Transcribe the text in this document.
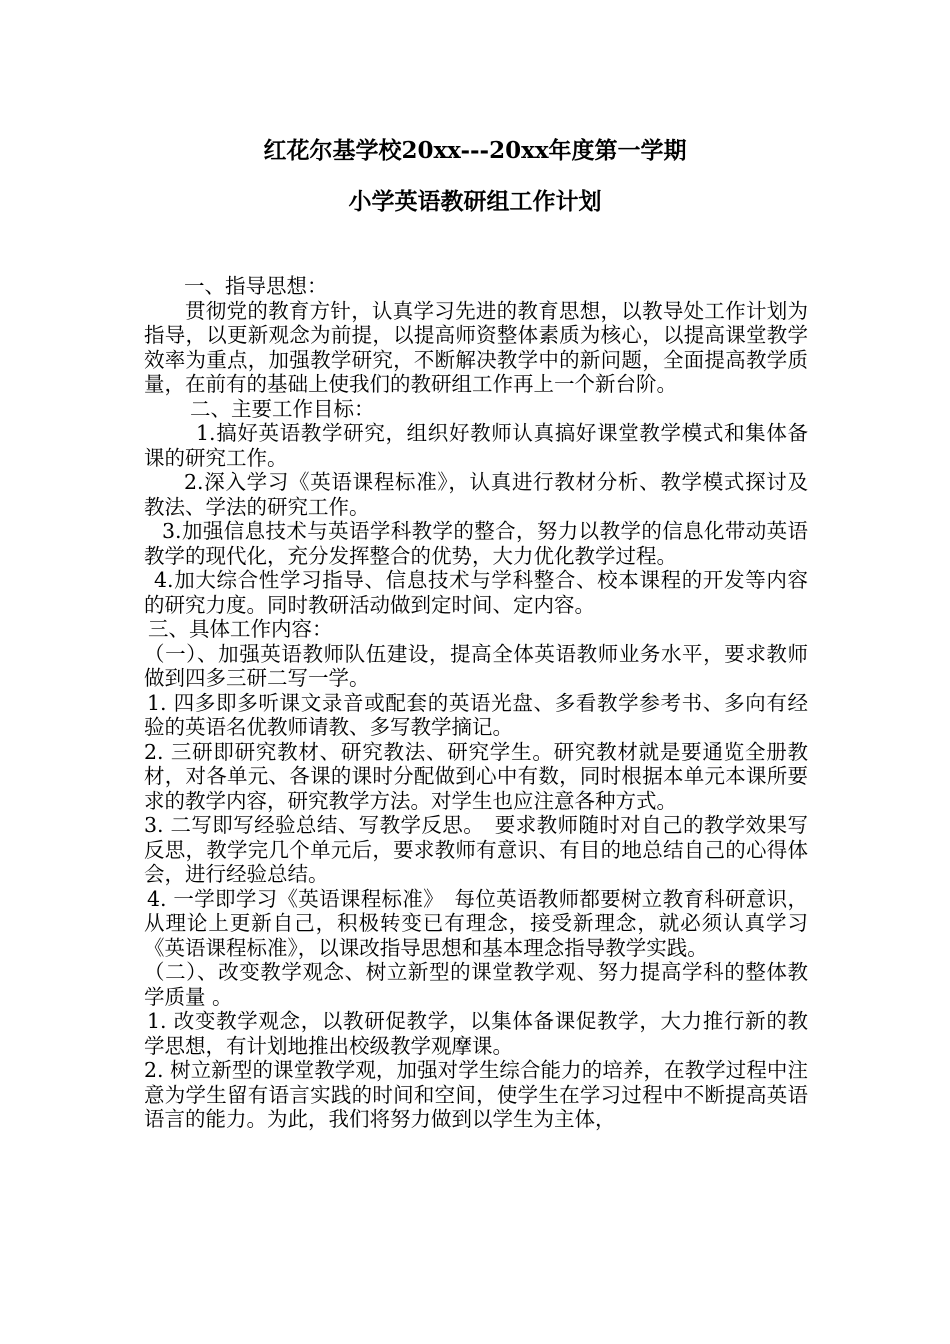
红花尔基学校20xx---20xx年度第一学期
小学英语教研组工作计划

一、指导思想：

贯彻党的教育方针，认真学习先进的教育思想，以教导处工作计划为指导，以更新观念为前提，以提高师资整体素质为核心，以提高课堂教学效率为重点，加强教学研究，不断解决教学中的新问题，全面提高教学质量，在前有的基础上使我们的教研组工作再上一个新台阶。

二、主要工作目标：

1.搞好英语教学研究，组织好教师认真搞好课堂教学模式和集体备课的研究工作。

2.深入学习《英语课程标准》，认真进行教材分析、教学模式探讨及教法、学法的研究工作。

3.加强信息技术与英语学科教学的整合，努力以教学的信息化带动英语教学的现代化，充分发挥整合的优势，大力优化教学过程。

4.加大综合性学习指导、信息技术与学科整合、校本课程的开发等内容的研究力度。同时教研活动做到定时间、定内容。

三、具体工作内容：

（一）、加强英语教师队伍建设，提高全体英语教师业务水平，要求教师做到四多三研二写一学。

1. 四多即多听课文录音或配套的英语光盘、多看教学参考书、多向有经验的英语名优教师请教、多写教学摘记。

2. 三研即研究教材、研究教法、研究学生。研究教材就是要通览全册教材，对各单元、各课的课时分配做到心中有数，同时根据本单元本课所要求的教学内容，研究教学方法。对学生也应注意各种方式。

3. 二写即写经验总结、写教学反思。　要求教师随时对自己的教学效果写反思，教学完几个单元后，要求教师有意识、有目的地总结自己的心得体会，进行经验总结。

4. 一学即学习《英语课程标准》　每位英语教师都要树立教育科研意识，从理论上更新自己，积极转变已有理念，接受新理念，就必须认真学习《英语课程标准》，以课改指导思想和基本理念指导教学实践。

（二）、改变教学观念、树立新型的课堂教学观、努力提高学科的整体教学质量 。

1. 改变教学观念，以教研促教学，以集体备课促教学，大力推行新的教学思想，有计划地推出校级教学观摩课。

2. 树立新型的课堂教学观，加强对学生综合能力的培养，在教学过程中注意为学生留有语言实践的时间和空间，使学生在学习过程中不断提高英语语言的能力。为此，我们将努力做到以学生为主体，
